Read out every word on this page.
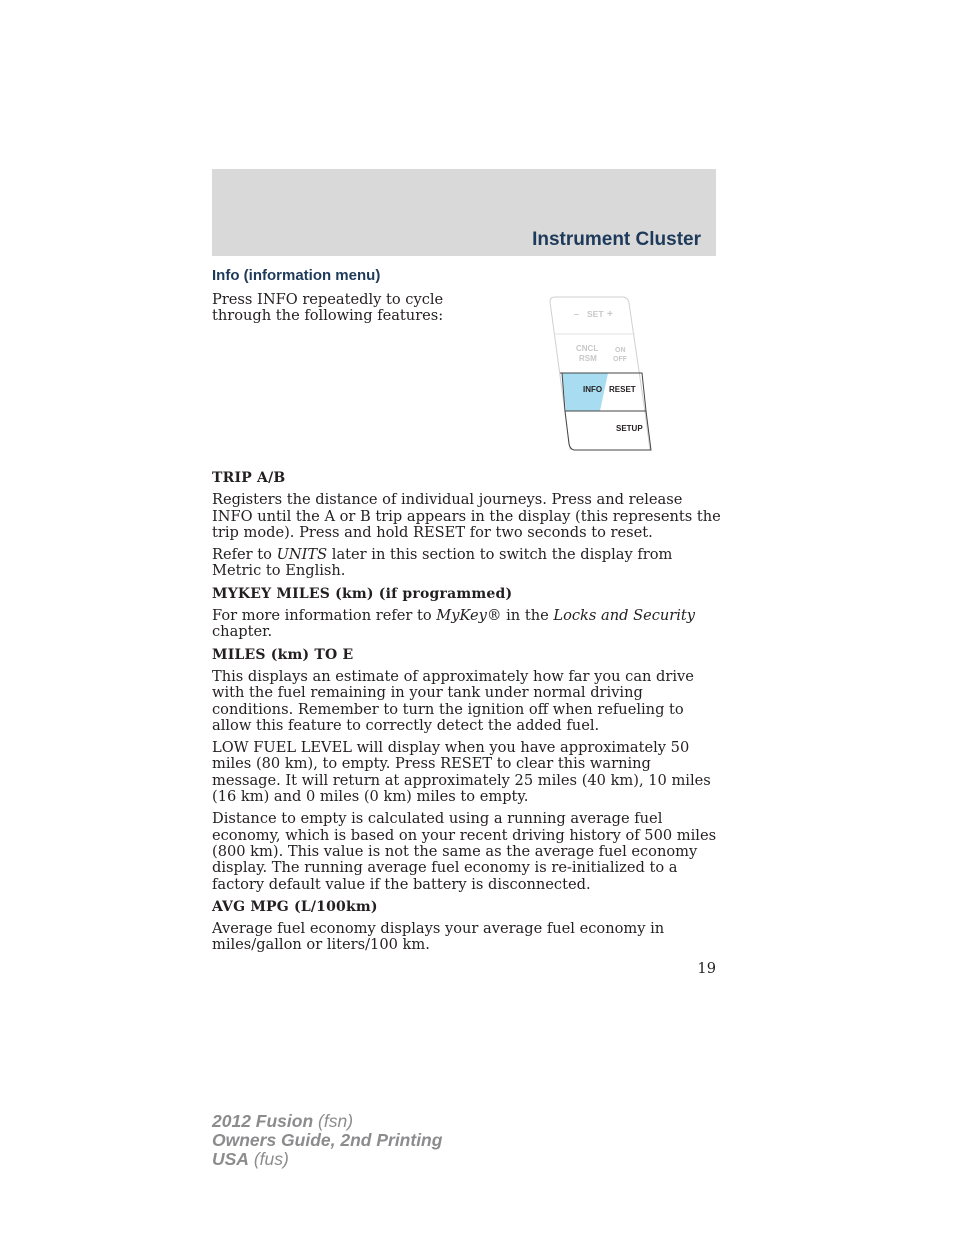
Instrument Cluster
Info (information menu)
Press INFO repeatedly to cycle through the following features:	– SET +
CNCL
RSM
ON
OFF
INFO RESET
SETUP
TRIP A/B

Registers the distance of individual journeys. Press and release INFO until the A or B trip appears in the display (this represents the trip mode). Press and hold RESET for two seconds to reset.

Refer to UNITS later in this section to switch the display from Metric to English.

MYKEY MILES (km) (if programmed)

For more information refer to MyKey® in the Locks and Security chapter.

MILES (km) TO E

This displays an estimate of approximately how far you can drive with the fuel remaining in your tank under normal driving conditions. Remember to turn the ignition off when refueling to allow this feature to correctly detect the added fuel.

LOW FUEL LEVEL will display when you have approximately 50 miles (80 km), to empty. Press RESET to clear this warning message. It will return at approximately 25 miles (40 km), 10 miles (16 km) and 0 miles (0 km) miles to empty.

Distance to empty is calculated using a running average fuel economy, which is based on your recent driving history of 500 miles (800 km). This value is not the same as the average fuel economy display. The running average fuel economy is re-initialized to a factory default value if the battery is disconnected.

AVG MPG (L/100km)

Average fuel economy displays your average fuel economy in miles/gallon or liters/100 km.

19
2012 Fusion (fsn)
Owners Guide, 2nd Printing
USA (fus)
